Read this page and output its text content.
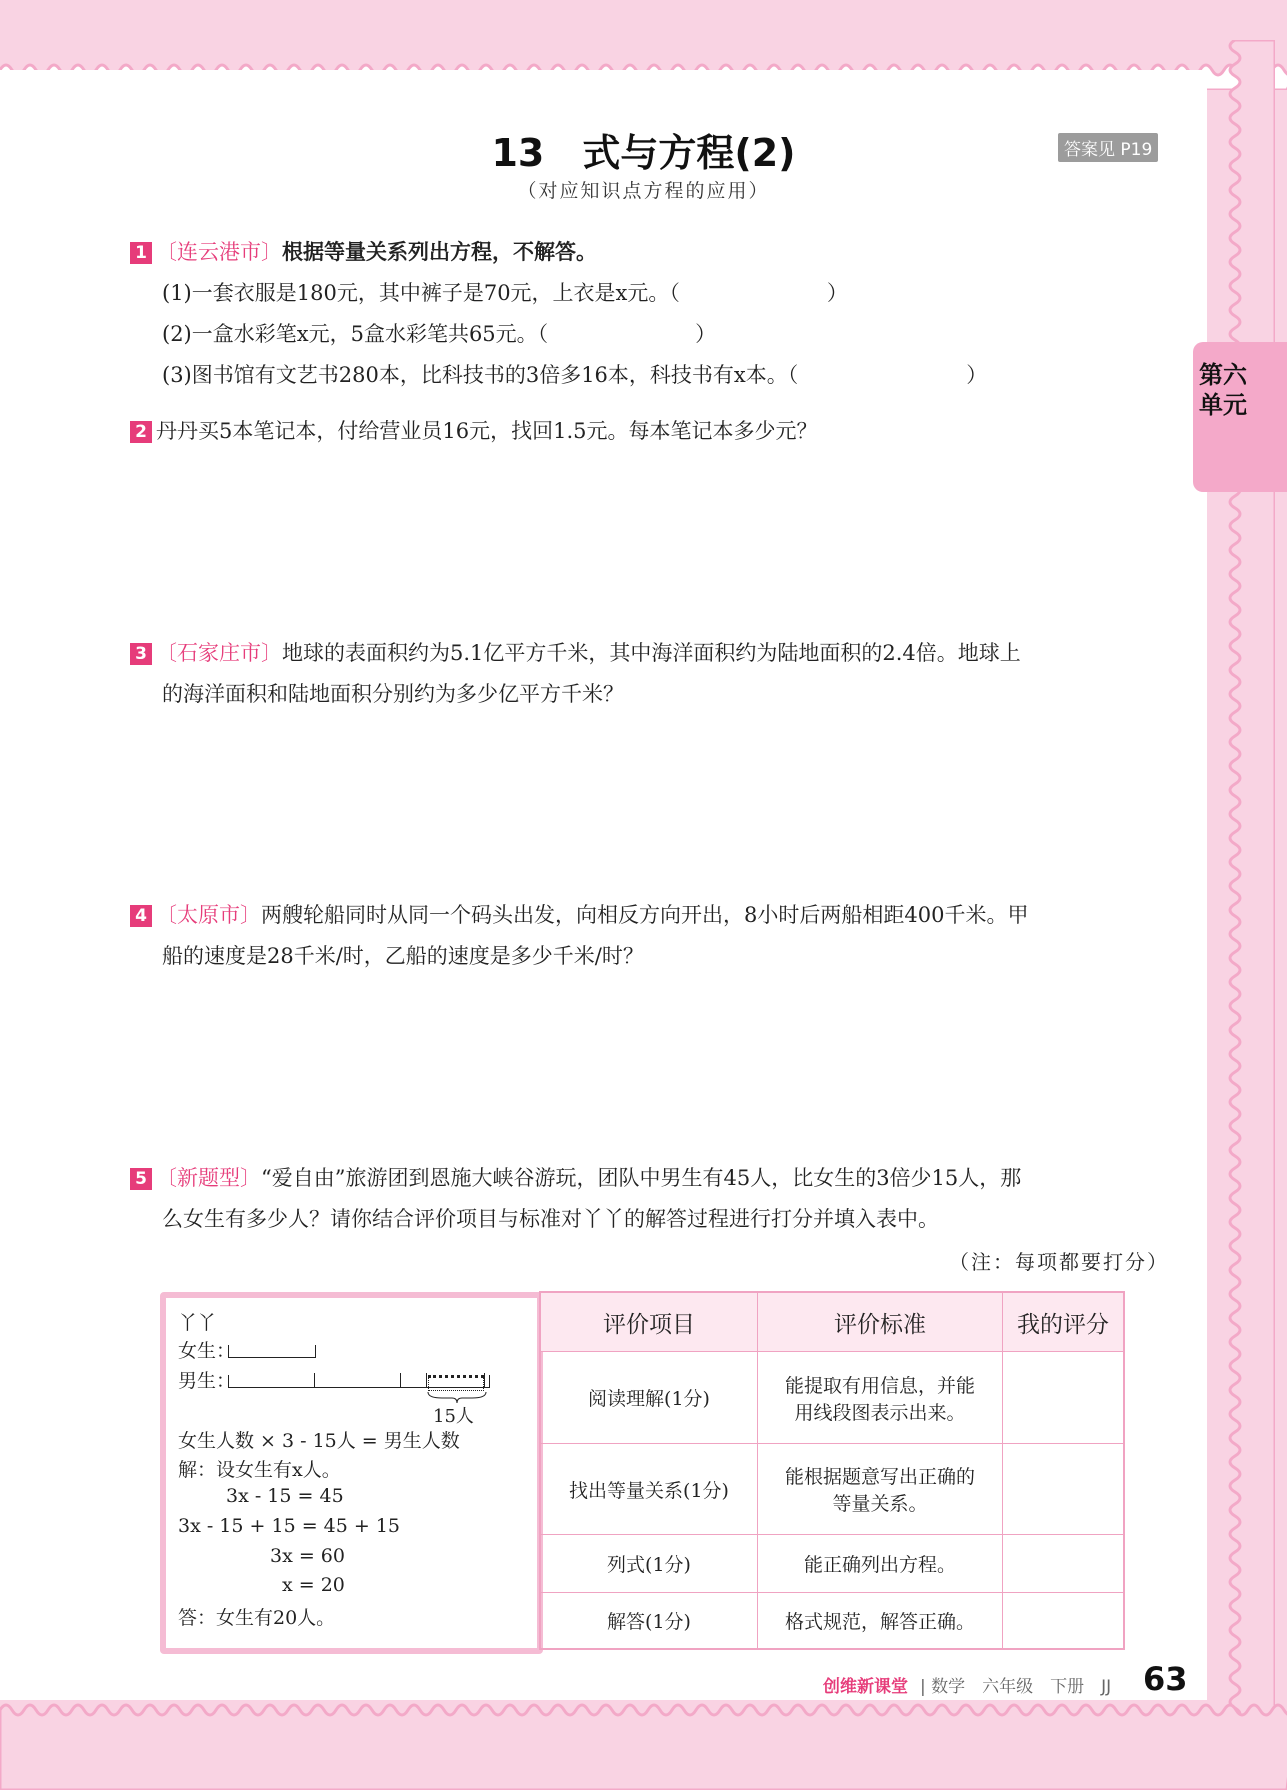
13　式与方程(2)
（对应知识点方程的应用）
答案见 P19
第六单元
1 〔连云港市〕根据等量关系列出方程，不解答。
(1)一套衣服是180元，其中裤子是70元，上衣是x元。（　　　　　　　）
(2)一盒水彩笔x元，5盒水彩笔共65元。（　　　　　　　）
(3)图书馆有文艺书280本，比科技书的3倍多16本，科技书有x本。（　　　　　　　　）
2 丹丹买5本笔记本，付给营业员16元，找回1.5元。每本笔记本多少元？
3 〔石家庄市〕地球的表面积约为5.1亿平方千米，其中海洋面积约为陆地面积的2.4倍。地球上
的海洋面积和陆地面积分别约为多少亿平方千米？
4 〔太原市〕两艘轮船同时从同一个码头出发，向相反方向开出，8小时后两船相距400千米。甲
船的速度是28千米/时，乙船的速度是多少千米/时？
5 〔新题型〕“爱自由”旅游团到恩施大峡谷游玩，团队中男生有45人，比女生的3倍少15人，那
么女生有多少人？请你结合评价项目与标准对丫丫的解答过程进行打分并填入表中。
（注：每项都要打分）
丫丫
女生：
男生：
15人
女生人数 × 3 - 15人 = 男生人数
解：设女生有x人。
3x - 15 = 45
3x - 15 + 15 = 45 + 15
3x = 60
x = 20
答：女生有20人。
评价项目	评价标准	我的评分
阅读理解(1分)	能提取有用信息，并能
用线段图表示出来。	

找出等量关系(1分)	能根据题意写出正确的
等量关系。	

列式(1分)	能正确列出方程。	

解答(1分)	格式规范，解答正确。	

创维新课堂 | 数学　六年级　下册　JJ 63
